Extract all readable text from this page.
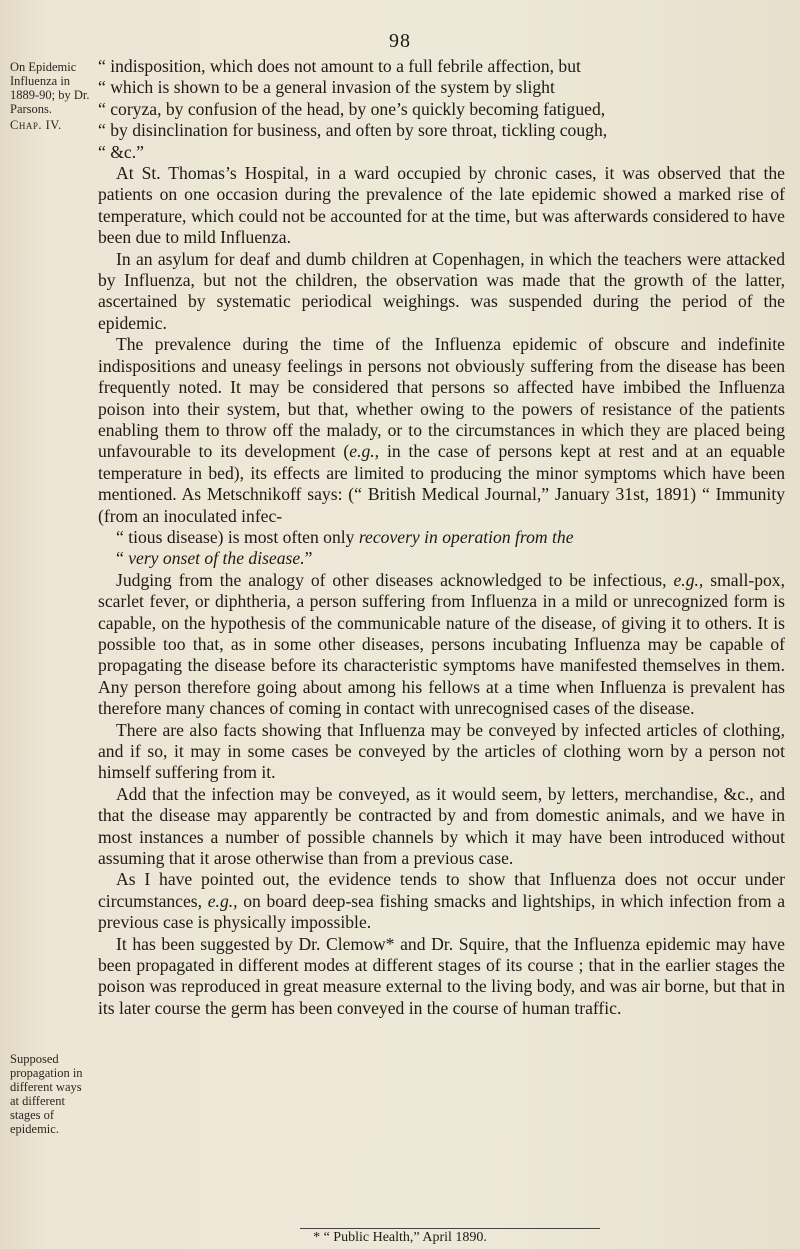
98
On Epidemic Influenza in 1889-90; by Dr. Parsons.
Chap. IV.
Supposed propagation in different ways at different stages of epidemic.

“ indisposition, which does not amount to a full febrile affection, but
“ which is shown to be a general invasion of the system by slight
“ coryza, by confusion of the head, by one’s quickly becoming fatigued,
“ by disinclination for business, and often by sore throat, tickling cough,
“ &c.”

At St. Thomas’s Hospital, in a ward occupied by chronic cases, it was observed that the patients on one occasion during the prevalence of the late epidemic showed a marked rise of temperature, which could not be accounted for at the time, but was afterwards considered to have been due to mild Influenza.

In an asylum for deaf and dumb children at Copenhagen, in which the teachers were attacked by Influenza, but not the children, the observation was made that the growth of the latter, ascertained by systematic periodical weighings. was suspended during the period of the epidemic.

The prevalence during the time of the Influenza epidemic of obscure and indefinite indispositions and uneasy feelings in persons not obviously suffering from the disease has been frequently noted. It may be considered that persons so affected have imbibed the Influenza poison into their system, but that, whether owing to the powers of resistance of the patients enabling them to throw off the malady, or to the circumstances in which they are placed being unfavourable to its development (e.g., in the case of persons kept at rest and at an equable temperature in bed), its effects are limited to producing the minor symptoms which have been mentioned. As Metschnikoff says: (“ British Medical Journal,” January 31st, 1891) “ Immunity (from an inoculated infec-
“ tious disease) is most often only recovery in operation from the
“ very onset of the disease.”

Judging from the analogy of other diseases acknowledged to be infectious, e.g., small-pox, scarlet fever, or diphtheria, a person suffering from Influenza in a mild or unrecognized form is capable, on the hypothesis of the communicable nature of the disease, of giving it to others. It is possible too that, as in some other diseases, persons incubating Influenza may be capable of propagating the disease before its characteristic symptoms have manifested themselves in them. Any person therefore going about among his fellows at a time when Influenza is prevalent has therefore many chances of coming in contact with unrecognised cases of the disease.

There are also facts showing that Influenza may be conveyed by infected articles of clothing, and if so, it may in some cases be conveyed by the articles of clothing worn by a person not himself suffering from it.

Add that the infection may be conveyed, as it would seem, by letters, merchandise, &c., and that the disease may apparently be contracted by and from domestic animals, and we have in most instances a number of possible channels by which it may have been introduced without assuming that it arose otherwise than from a previous case.

As I have pointed out, the evidence tends to show that Influenza does not occur under circumstances, e.g., on board deep-sea fishing smacks and lightships, in which infection from a previous case is physically impossible.

It has been suggested by Dr. Clemow* and Dr. Squire, that the Influenza epidemic may have been propagated in different modes at different stages of its course ; that in the earlier stages the poison was reproduced in great measure external to the living body, and was air borne, but that in its later course the germ has been conveyed in the course of human traffic.

* “ Public Health,” April 1890.
